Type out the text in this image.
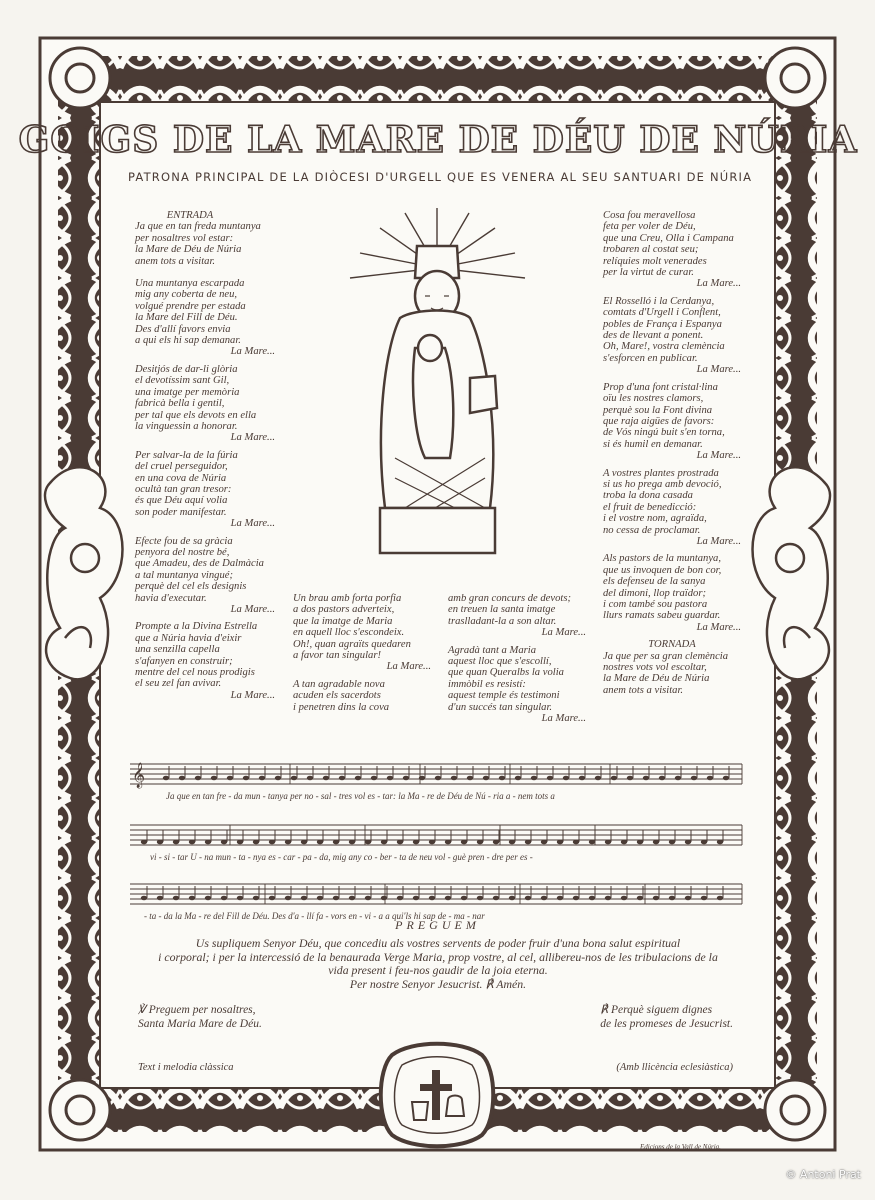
GOIGS DE LA MARE DE DÉU DE NÚRIA
PATRONA PRINCIPAL DE LA DIÒCESI D'URGELL QUE ES VENERA AL SEU SANTUARI DE NÚRIA
ENTRADA
Ja que en tan freda muntanya
per nosaltres vol estar:
la Mare de Déu de Núria
anem tots a visitar.
Una muntanya escarpada
mig any coberta de neu,
volgué prendre per estada
la Mare del Fill de Déu.
Des d'allí favors envia
a qui els hi sap demanar.
La Mare...
Desitjós de dar-li glòria
el devotíssim sant Gil,
una imatge per memòria
fabricà bella i gentil,
per tal que els devots en ella
la vinguessin a honorar.
La Mare...
Per salvar-la de la fúria
del cruel perseguidor,
en una cova de Núria
ocultà tan gran tresor:
és que Déu aquí volia
son poder manifestar.
La Mare...
Efecte fou de sa gràcia
penyora del nostre bé,
que Amadeu, des de Dalmàcia
a tal muntanya vingué;
perquè del cel els designis
havia d'executar.
La Mare...
Prompte a la Divina Estrella
que a Núria havia d'eixir
una senzilla capella
s'afanyen en construir;
mentre del cel nous prodigis
el seu zel fan avivar.
La Mare...
Un brau amb forta porfia
a dos pastors adverteix,
que la imatge de Maria
en aquell lloc s'escondeix.
Oh!, quan agraïts quedaren
a favor tan singular!
La Mare...
A tan agradable nova
acuden els sacerdots
i penetren dins la cova
amb gran concurs de devots;
en treuen la santa imatge
traslladant-la a son altar.
La Mare...
Agradà tant a Maria
aquest lloc que s'escollí,
que quan Queralbs la volia
immòbil es resistí:
aquest temple és testimoni
d'un succés tan singular.
La Mare...
Cosa fou meravellosa
feta per voler de Déu,
que una Creu, Olla i Campana
trobaren al costat seu;
relíquies molt venerades
per la virtut de curar.
La Mare...
El Rosselló i la Cerdanya,
comtats d'Urgell i Conflent,
pobles de França i Espanya
des de llevant a ponent.
Oh, Mare!, vostra clemència
s'esforcen en publicar.
La Mare...
Prop d'una font cristal·lina
oïu les nostres clamors,
perquè sou la Font divina
que raja aigües de favors:
de Vós ningú buit s'en torna,
si és humil en demanar.
La Mare...
A vostres plantes prostrada
si us ho prega amb devoció,
troba la dona casada
el fruit de benedicció:
i el vostre nom, agraïda,
no cessa de proclamar.
La Mare...
Als pastors de la muntanya,
que us invoquen de bon cor,
els defenseu de la sanya
del dimoni, llop traïdor;
i com també sou pastora
llurs ramats sabeu guardar.
La Mare...
TORNADA
Ja que per sa gran clemència
nostres vots vol escoltar,
la Mare de Déu de Núria
anem tots a visitar.
𝄞
Ja que en tan fre - da mun - tanya per no - sal - tres vol es - tar: la Ma - re de Déu de Nú - ria a - nem tots a

vi - si - tar U - na mun - ta - nya es - car - pa - da, mig any co - ber - ta de neu vol - guè pren - dre per es -

- ta - da la Ma - re del Fill de Déu. Des d'a - llí fa - vors en - vi - a a qui'ls hi sap de - ma - nar
PREGUEM
Us supliquem Senyor Déu, que concediu als vostres servents de poder fruir d'una bona salut espiritual
i corporal; i per la intercessió de la benaurada Verge Maria, prop vostre, al cel, allibereu-nos de les tribulacions de la
vida present i feu-nos gaudir de la joia eterna.
Per nostre Senyor Jesucrist. ℟ Amén.
℣ Preguem per nosaltres,
Santa Maria Mare de Déu.
℟ Perquè siguem dignes
de les promeses de Jesucrist.
Text i melodia clàssica	(Amb llicència eclesiàstica)
Edicions de la Vall de Núria.
© Antoni Prat
